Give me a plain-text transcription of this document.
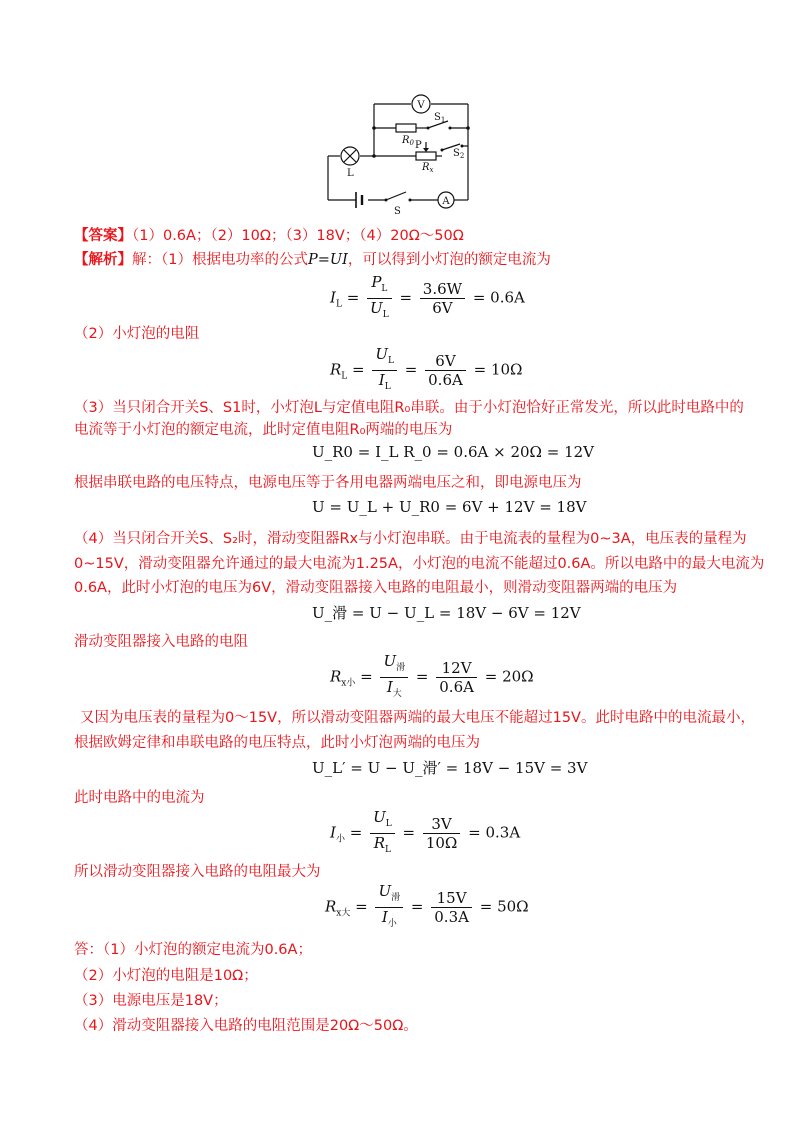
V
A
$S_1$
$R_0$ P
$S_2$
$R_x$
L
S
【答案】（1）0.6A；（2）10Ω；（3）18V；（4）20Ω～50Ω
【解析】解：（1）根据电功率的公式P=UI，可以得到小灯泡的额定电流为
$I_L = \frac{P_L}{U_L} = \frac{3.6W}{6V} = 0.6A$
（2）小灯泡的电阻
$R_L = \frac{U_L}{I_L} = \frac{6V}{0.6A} = 10\Omega$
（3）当只闭合开关S、S1时，小灯泡L与定值电阻R₀串联。由于小灯泡恰好正常发光，所以此时电路中的
电流等于小灯泡的额定电流，此时定值电阻R₀两端的电压为
U_R0 = I_L R_0 = 0.6A × 20Ω = 12V
根据串联电路的电压特点，电源电压等于各用电器两端电压之和，即电源电压为
U = U_L + U_R0 = 6V + 12V = 18V
（4）当只闭合开关S、S₂时，滑动变阻器Rx与小灯泡串联。由于电流表的量程为0~3A，电压表的量程为
0~15V，滑动变阻器允许通过的最大电流为1.25A，小灯泡的电流不能超过0.6A。所以电路中的最大电流为
0.6A，此时小灯泡的电压为6V，滑动变阻器接入电路的电阻最小，则滑动变阻器两端的电压为
U_滑 = U − U_L = 18V − 6V = 12V
滑动变阻器接入电路的电阻
$R_{x小} = \frac{U_滑}{I_大} = \frac{12V}{0.6A} = 20\Omega$
又因为电压表的量程为0～15V，所以滑动变阻器两端的最大电压不能超过15V。此时电路中的电流最小，
根据欧姆定律和串联电路的电压特点，此时小灯泡两端的电压为
U_L′ = U − U_滑′ = 18V − 15V = 3V
此时电路中的电流为
$I_小 = \frac{U_L}{R_L} = \frac{3V}{10\Omega} = 0.3A$
所以滑动变阻器接入电路的电阻最大为
$R_{x大} = \frac{U_滑}{I_小} = \frac{15V}{0.3A} = 50\Omega$
答：（1）小灯泡的额定电流为0.6A；
（2）小灯泡的电阻是10Ω；
（3）电源电压是18V；
（4）滑动变阻器接入电路的电阻范围是20Ω～50Ω。
